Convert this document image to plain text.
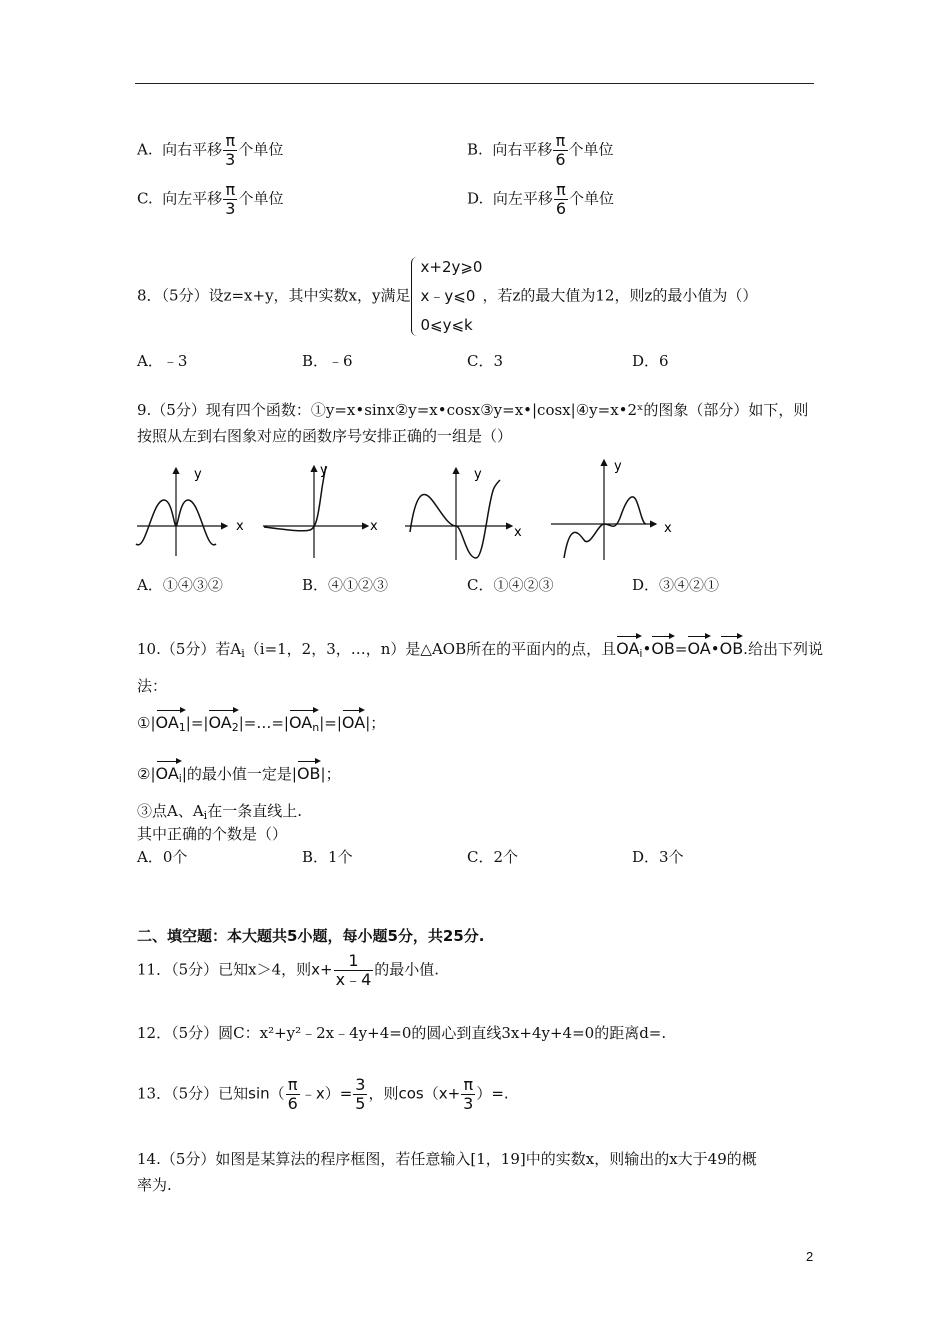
A. 向右平移 $\frac{\pi}{3}$ 个单位	B. 向右平移 $\frac{\pi}{6}$ 个单位
C. 向左平移 $\frac{\pi}{3}$ 个单位	D. 向左平移 $\frac{\pi}{6}$ 个单位
8．（5分）设z=x+y，其中实数x，y满足
x+2y⩾0
x﹣y⩽0
0⩽y⩽k
，若z的最大值为12，则z的最小值为（）
A．﹣3	B．﹣6	C．3	D．6
9.（5分）现有四个函数：①y=x•sinx②y=x•cosx③y=x•|cosx|④y=x•2ˣ的图象（部分）如下，则
按照从左到右图象对应的函数序号安排正确的一组是（）
x
y
x
y
x
y
x
y
A．①④③②	B．④①②③	C．①④②③	D．③④②①
10.（5分）若$A_i(i=1$，2，3，…，n）是△AOB所在的平面内的点，且$OA_i•OB=OA•OB$.给出下列说
法：
$①|OA_1|=|OA_2|=\dots=|OA_n|=|OA|$；
$②|OA_i|$的最小值一定是|OB|；
③点A、$A_i$在一条直线上.
其中正确的个数是（）
A．0个	B．1个	C．2个	D．3个
二、填空题：本大题共5小题，每小题5分，共25分.
11．（5分）已知x＞4，则$x+ \frac{1}{x﹣4}$ 的最小值.
12．（5分）圆C：x²+y²﹣2x﹣4y+4=0的圆心到直线3x+4y+4=0的距离d=.
13．（5分）已知$\sin( \frac{\pi}{6}$ ﹣x）= $\frac{3}{5}$ ，则$\cos(x+ \frac{\pi}{3}$ ）=.
14.（5分）如图是某算法的程序框图，若任意输入[1，19]中的实数x，则输出的x大于49的概
率为.
2
